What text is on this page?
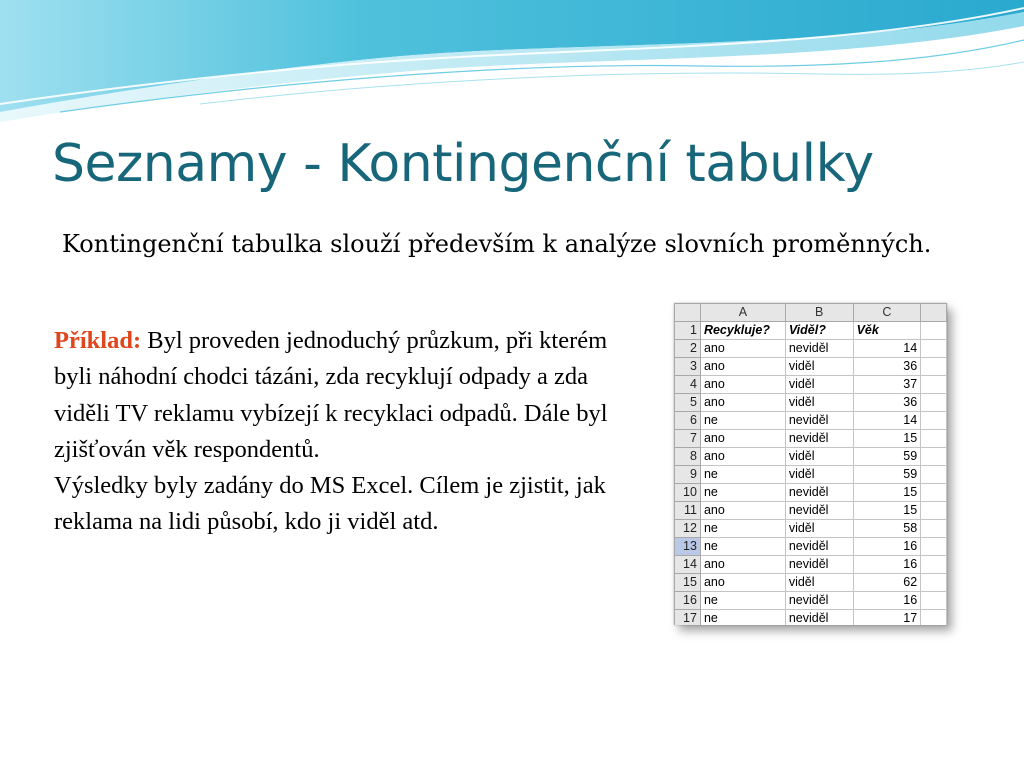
Seznamy - Kontingenční tabulky

Kontingenční tabulka slouží především k analýze slovních proměnných.

Příklad: Byl proveden jednoduchý průzkum, při kterém byli náhodní chodci tázáni, zda recyklují odpady a zda viděli TV reklamu vybízejí k recyklaci odpadů. Dále byl zjišťován věk respondentů.

Výsledky byly zadány do MS Excel. Cílem je zjistit, jak reklama na lidi působí, kdo ji viděl atd.

	A	B	C	
1	Recykluje?	Viděl?	Věk	
2	ano	neviděl	14	
3	ano	viděl	36	
4	ano	viděl	37	
5	ano	viděl	36	
6	ne	neviděl	14	
7	ano	neviděl	15	
8	ano	viděl	59	
9	ne	viděl	59	
10	ne	neviděl	15	
11	ano	neviděl	15	
12	ne	viděl	58	
13	ne	neviděl	16	
14	ano	neviděl	16	
15	ano	viděl	62	
16	ne	neviděl	16	
17	ne	neviděl	17	
